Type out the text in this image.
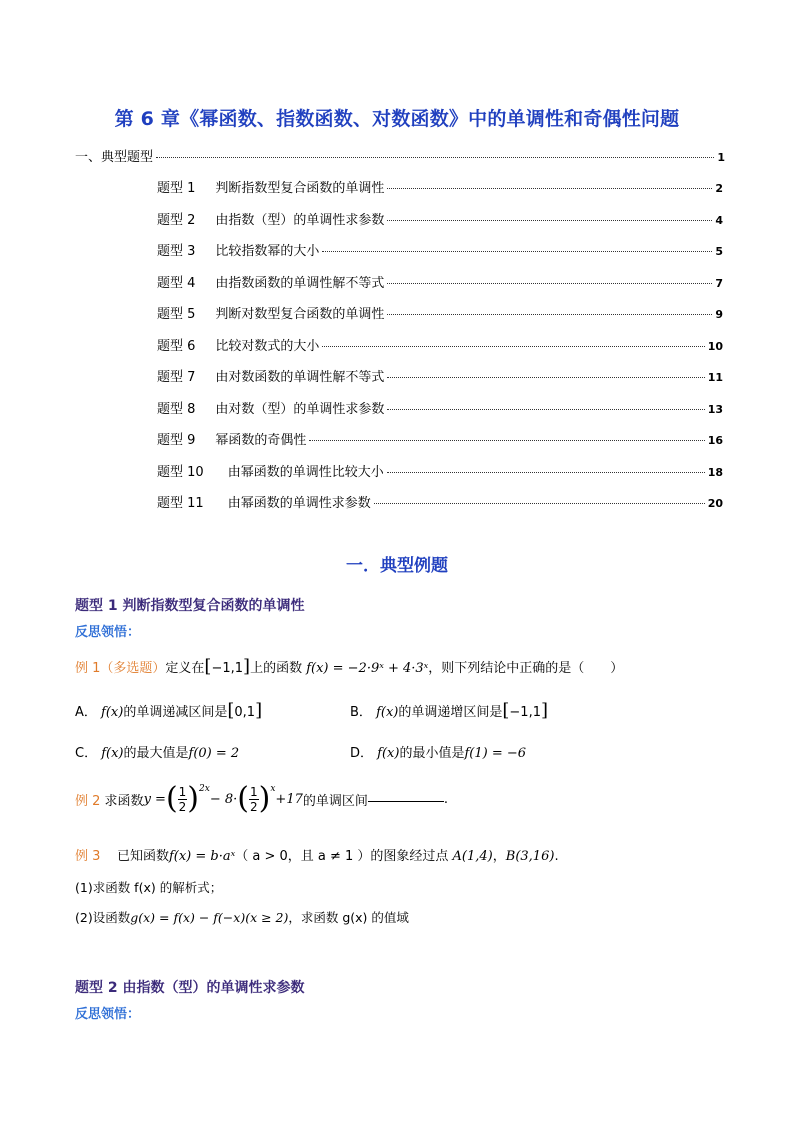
第 6 章《幂函数、指数函数、对数函数》中的单调性和奇偶性问题
一、典型题型	1
题型 1 判断指数型复合函数的单调性	2
题型 2 由指数（型）的单调性求参数	4
题型 3 比较指数幂的大小	5
题型 4 由指数函数的单调性解不等式	7
题型 5 判断对数型复合函数的单调性	9
题型 6 比较对数式的大小	10
题型 7 由对数函数的单调性解不等式	11
题型 8 由对数（型）的单调性求参数	13
题型 9 幂函数的奇偶性	16
题型 10 由幂函数的单调性比较大小	18
题型 11 由幂函数的单调性求参数	20
一．典型例题
题型 1 判断指数型复合函数的单调性
反思领悟：
例 1（多选题）定义在[−1,1]上的函数 f(x) = −2·9ˣ + 4·3ˣ，则下列结论中正确的是（　　）
A． f(x)的单调递减区间是[0,1]	B． f(x)的单调递增区间是[−1,1]
C． f(x)的最大值是f(0) = 2	D． f(x)的最小值是f(1) = −6
例 2
求函数 y = ( $\frac{1}{2} )^{2x}$
− 8· ( $\frac{1}{2} )^x$
+17 的单调区间	.
例 3 已知函数f(x) = b·aˣ（ a > 0，且 a ≠ 1 ）的图象经过点 A(1,4)，B(3,16).
(1)求函数 f(x) 的解析式；
(2)设函数g(x) = f(x) − f(−x)(x ≥ 2)，求函数 g(x) 的值域
题型 2 由指数（型）的单调性求参数
反思领悟：
